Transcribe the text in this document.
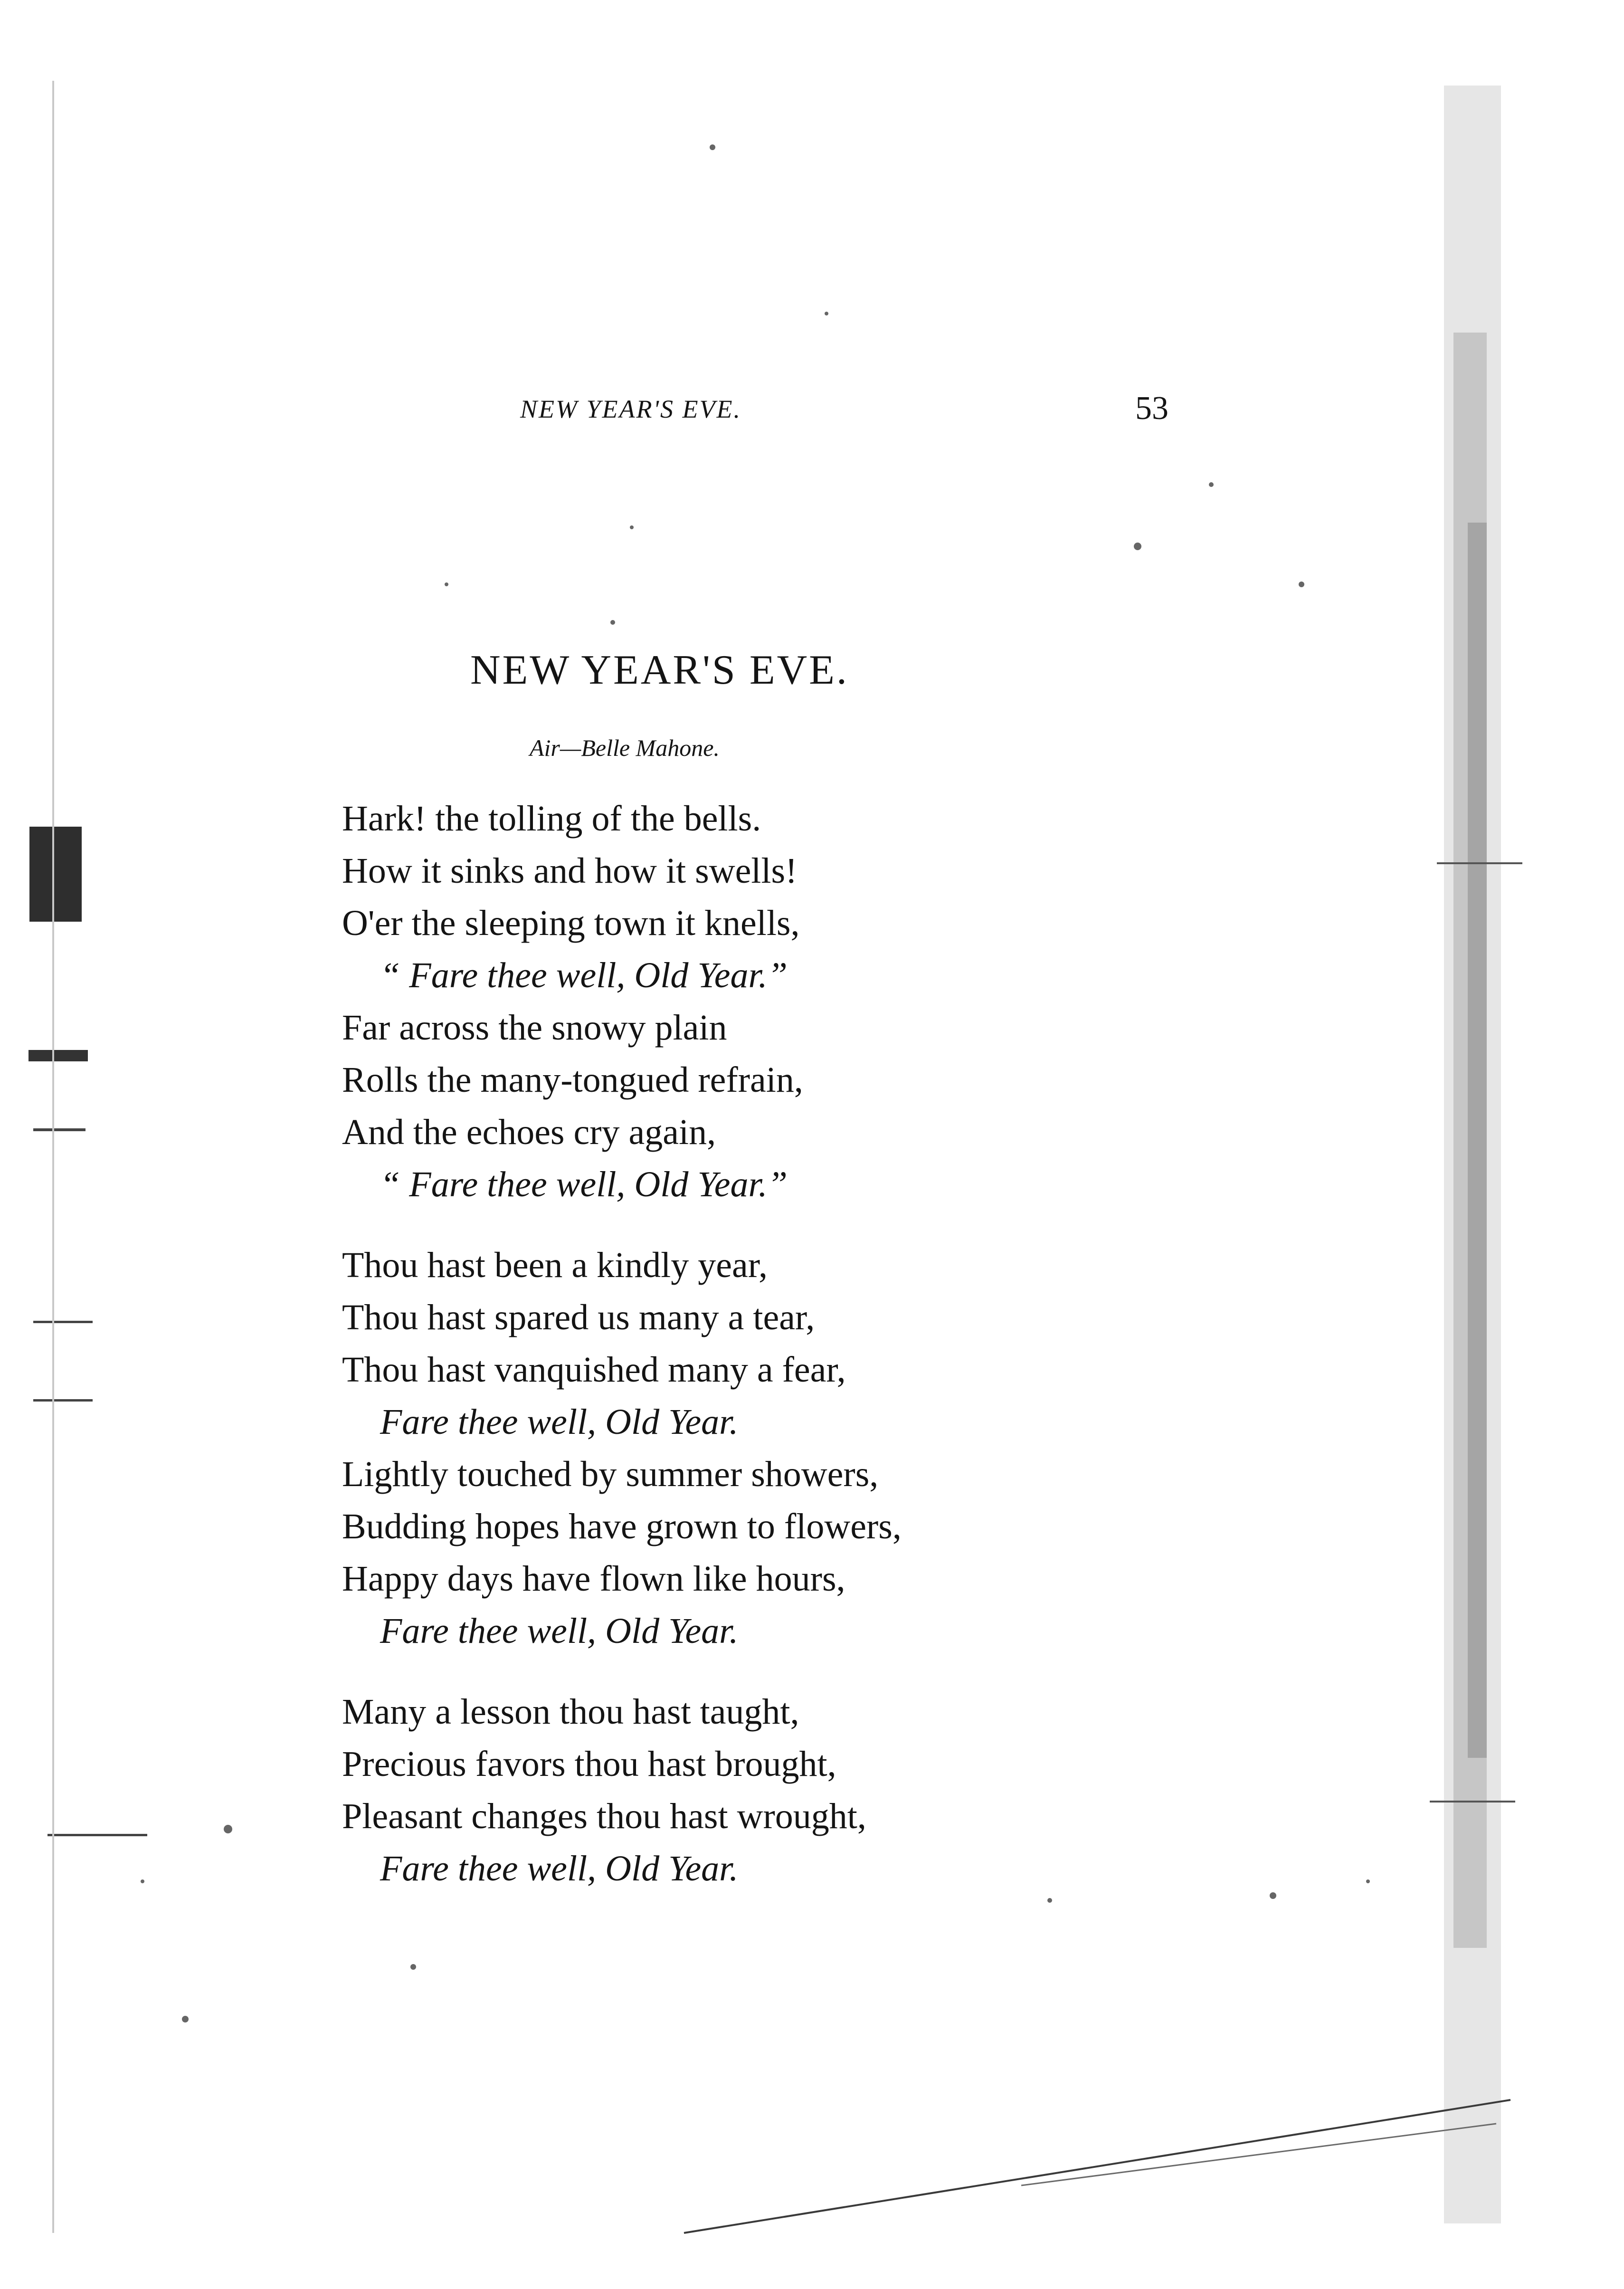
NEW YEAR'S EVE.	53
NEW YEAR'S EVE.
Air—Belle Mahone.
Hark! the tolling of the bells.
How it sinks and how it swells!
O'er the sleeping town it knells,
“ Fare thee well, Old Year.”
Far across the snowy plain
Rolls the many-tongued refrain,
And the echoes cry again,
“ Fare thee well, Old Year.”
Thou hast been a kindly year,
Thou hast spared us many a tear,
Thou hast vanquished many a fear,
Fare thee well, Old Year.
Lightly touched by summer showers,
Budding hopes have grown to flowers,
Happy days have flown like hours,
Fare thee well, Old Year.
Many a lesson thou hast taught,
Precious favors thou hast brought,
Pleasant changes thou hast wrought,
Fare thee well, Old Year.
